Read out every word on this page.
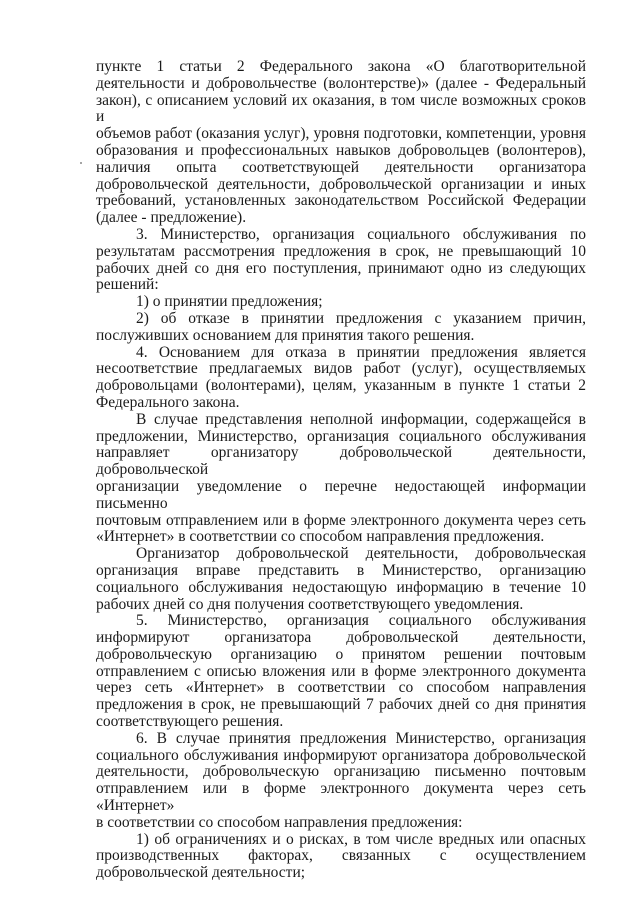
пункте 1 статьи 2 Федерального закона «О благотворительной

деятельности и добровольчестве (волонтерстве)» (далее - Федеральный

закон), с описанием условий их оказания, в том числе возможных сроков и

объемов работ (оказания услуг), уровня подготовки, компетенции, уровня

образования и профессиональных навыков добровольцев (волонтеров),

наличия опыта соответствующей деятельности организатора

добровольческой деятельности, добровольческой организации и иных

требований, установленных законодательством Российской Федерации

(далее - предложение).

3. Министерство, организация социального обслуживания по

результатам рассмотрения предложения в срок, не превышающий 10

рабочих дней со дня его поступления, принимают одно из следующих

решений:

1) о принятии предложения;

2) об отказе в принятии предложения с указанием причин,

послуживших основанием для принятия такого решения.

4. Основанием для отказа в принятии предложения является

несоответствие предлагаемых видов работ (услуг), осуществляемых

добровольцами (волонтерами), целям, указанным в пункте 1 статьи 2

Федерального закона.

В случае представления неполной информации, содержащейся в

предложении, Министерство, организация социального обслуживания

направляет организатору добровольческой деятельности, добровольческой

организации уведомление о перечне недостающей информации письменно

почтовым отправлением или в форме электронного документа через сеть

«Интернет» в соответствии со способом направления предложения.

Организатор добровольческой деятельности, добровольческая

организация вправе представить в Министерство, организацию

социального обслуживания недостающую информацию в течение 10

рабочих дней со дня получения соответствующего уведомления.

5. Министерство, организация социального обслуживания

информируют организатора добровольческой деятельности,

добровольческую организацию о принятом решении почтовым

отправлением с описью вложения или в форме электронного документа

через сеть «Интернет» в соответствии со способом направления

предложения в срок, не превышающий 7 рабочих дней со дня принятия

соответствующего решения.

6. В случае принятия предложения Министерство, организация

социального обслуживания информируют организатора добровольческой

деятельности, добровольческую организацию письменно почтовым

отправлением или в форме электронного документа через сеть «Интернет»

в соответствии со способом направления предложения:

1) об ограничениях и о рисках, в том числе вредных или опасных

производственных факторах, связанных с осуществлением

добровольческой деятельности;
